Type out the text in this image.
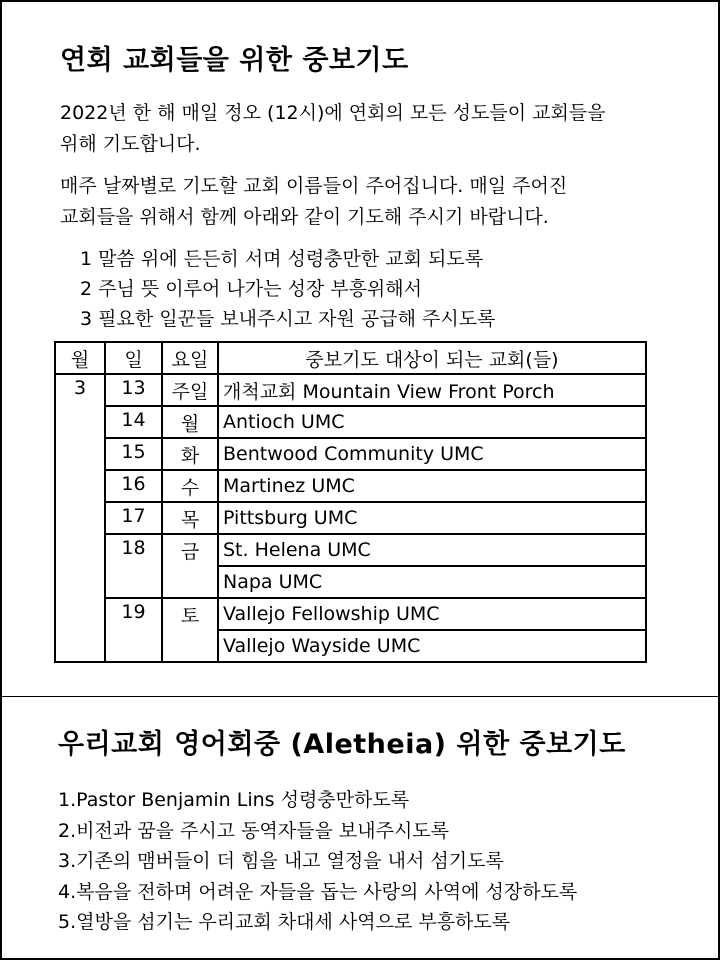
연회 교회들을 위한 중보기도
2022년 한 해 매일 정오 (12시)에 연회의 모든 성도들이 교회들을
위해 기도합니다.
매주 날짜별로 기도할 교회 이름들이 주어집니다. 매일 주어진
교회들을 위해서 함께 아래와 같이 기도해 주시기 바랍니다.
1 말씀 위에 든든히 서며 성령충만한 교회 되도록
2 주님 뜻 이루어 나가는 성장 부흥위해서
3 필요한 일꾼들 보내주시고 자원 공급해 주시도록
월	일	요일	중보기도 대상이 되는 교회(들)
3	13	주일	개척교회 Mountain View Front Porch
	14	월	Antioch UMC
	15	화	Bentwood Community UMC
	16	수	Martinez UMC
	17	목	Pittsburg UMC
	18	금	St. Helena UMC
			Napa UMC
	19	토	Vallejo Fellowship UMC
			Vallejo Wayside UMC
우리교회 영어회중 (Aletheia) 위한 중보기도
1.Pastor Benjamin Lins 성령충만하도록
2.비전과 꿈을 주시고 동역자들을 보내주시도록
3.기존의 맴버들이 더 힘을 내고 열정을 내서 섬기도록
4.복음을 전하며 어려운 자들을 돕는 사랑의 사역에 성장하도록
5.열방을 섬기는 우리교회 차대세 사역으로 부흥하도록
